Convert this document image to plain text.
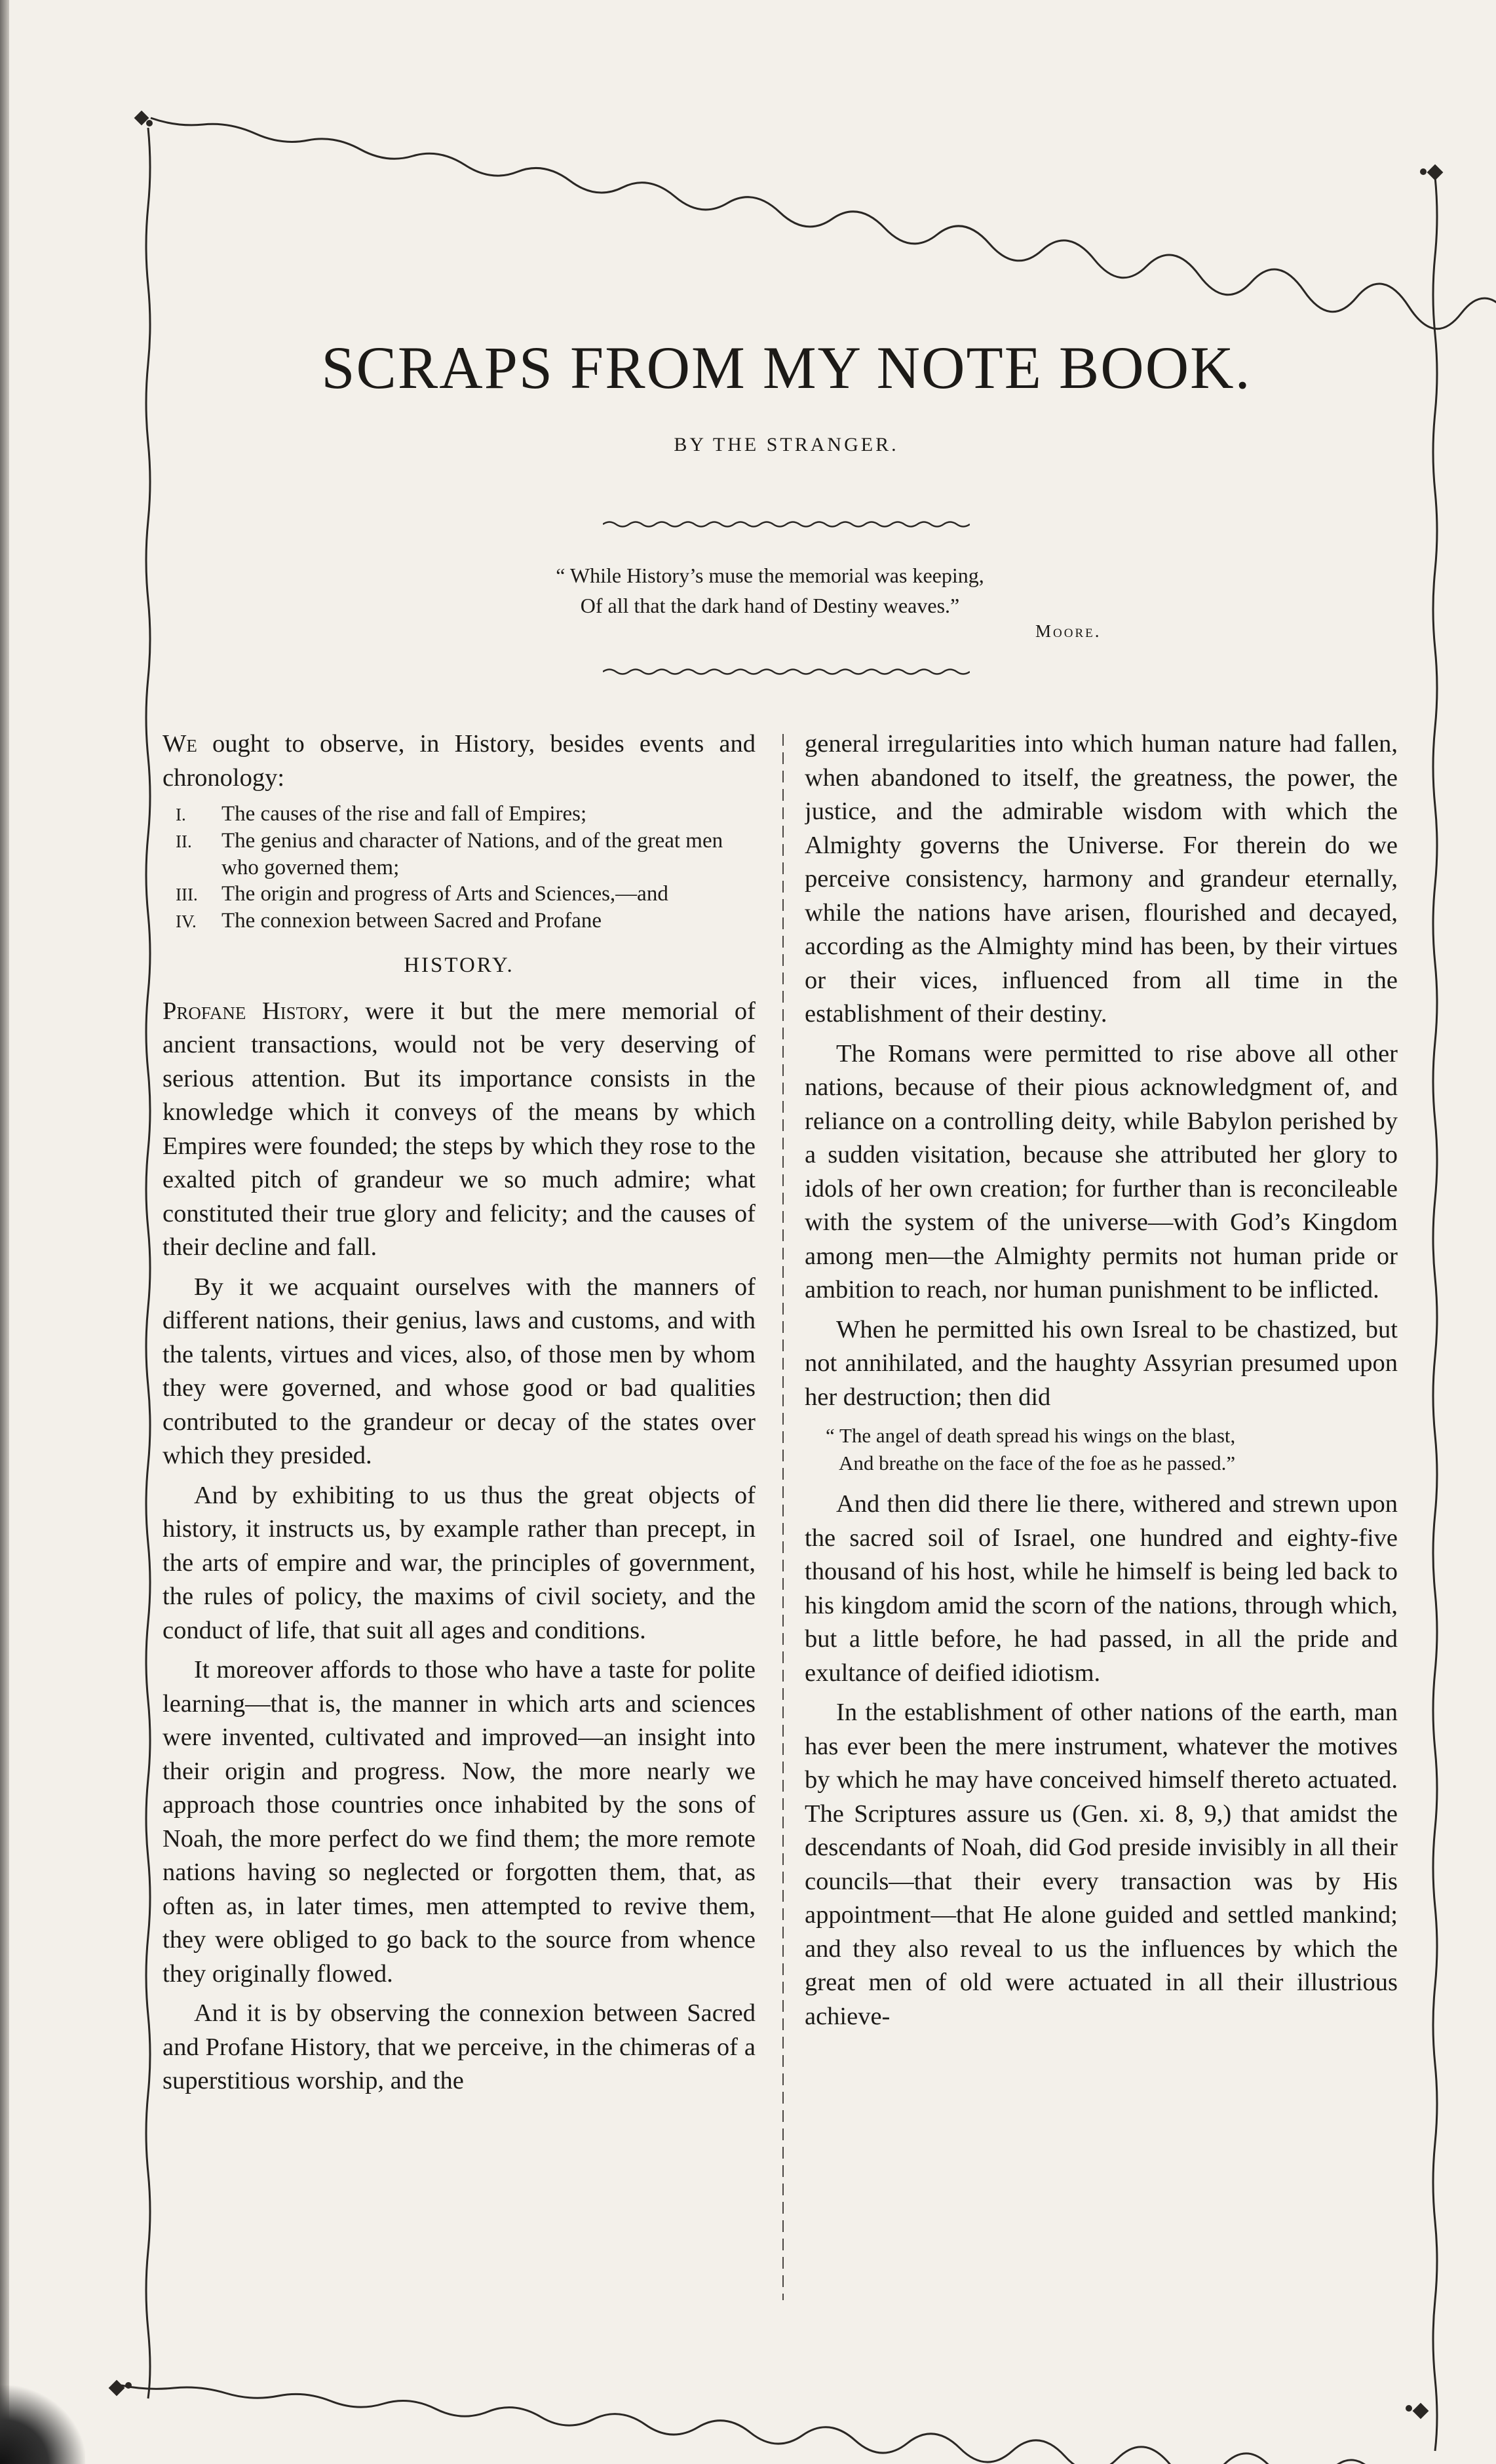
SCRAPS FROM MY NOTE BOOK.
BY THE STRANGER.
“ While History’s muse the memorial was keeping,
Of all that the dark hand of Destiny weaves.”
Moore.

We ought to observe, in History, besides events and chronology:

I. The causes of the rise and fall of Empires;
II. The genius and character of Nations, and of the great men who governed them;
III. The origin and progress of Arts and Sciences,—and
IV. The connexion between Sacred and Profane
HISTORY.

Profane History, were it but the mere memorial of ancient transactions, would not be very deserving of serious attention. But its importance consists in the knowledge which it conveys of the means by which Empires were founded; the steps by which they rose to the exalted pitch of grandeur we so much admire; what constituted their true glory and felicity; and the causes of their decline and fall.

By it we acquaint ourselves with the manners of different nations, their genius, laws and customs, and with the talents, virtues and vices, also, of those men by whom they were governed, and whose good or bad qualities contributed to the grandeur or decay of the states over which they presided.

And by exhibiting to us thus the great objects of history, it instructs us, by example rather than precept, in the arts of empire and war, the principles of government, the rules of policy, the maxims of civil society, and the conduct of life, that suit all ages and conditions.

It moreover affords to those who have a taste for polite learning—that is, the manner in which arts and sciences were invented, cultivated and improved—an insight into their origin and progress. Now, the more nearly we approach those countries once inhabited by the sons of Noah, the more perfect do we find them; the more remote nations having so neglected or forgotten them, that, as often as, in later times, men attempted to revive them, they were obliged to go back to the source from whence they originally flowed.

And it is by observing the connexion between Sacred and Profane History, that we perceive, in the chimeras of a superstitious worship, and the

general irregularities into which human nature had fallen, when abandoned to itself, the greatness, the power, the justice, and the admirable wisdom with which the Almighty governs the Universe. For therein do we perceive consistency, harmony and grandeur eternally, while the nations have arisen, flourished and decayed, according as the Almighty mind has been, by their virtues or their vices, influenced from all time in the establishment of their destiny.

The Romans were permitted to rise above all other nations, because of their pious acknowledgment of, and reliance on a controlling deity, while Babylon perished by a sudden visitation, because she attributed her glory to idols of her own creation; for further than is reconcileable with the system of the universe—with God’s Kingdom among men—the Almighty permits not human pride or ambition to reach, nor human punishment to be inflicted.

When he permitted his own Isreal to be chastized, but not annihilated, and the haughty Assyrian presumed upon her destruction; then did

“ The angel of death spread his wings on the blast,
And breathe on the face of the foe as he passed.”

And then did there lie there, withered and strewn upon the sacred soil of Israel, one hundred and eighty-five thousand of his host, while he himself is being led back to his kingdom amid the scorn of the nations, through which, but a little before, he had passed, in all the pride and exultance of deified idiotism.

In the establishment of other nations of the earth, man has ever been the mere instrument, whatever the motives by which he may have conceived himself thereto actuated. The Scriptures assure us (Gen. xi. 8, 9,) that amidst the descendants of Noah, did God preside invisibly in all their councils—that their every transaction was by His appointment—that He alone guided and settled mankind; and they also reveal to us the influences by which the great men of old were actuated in all their illustrious achieve-
